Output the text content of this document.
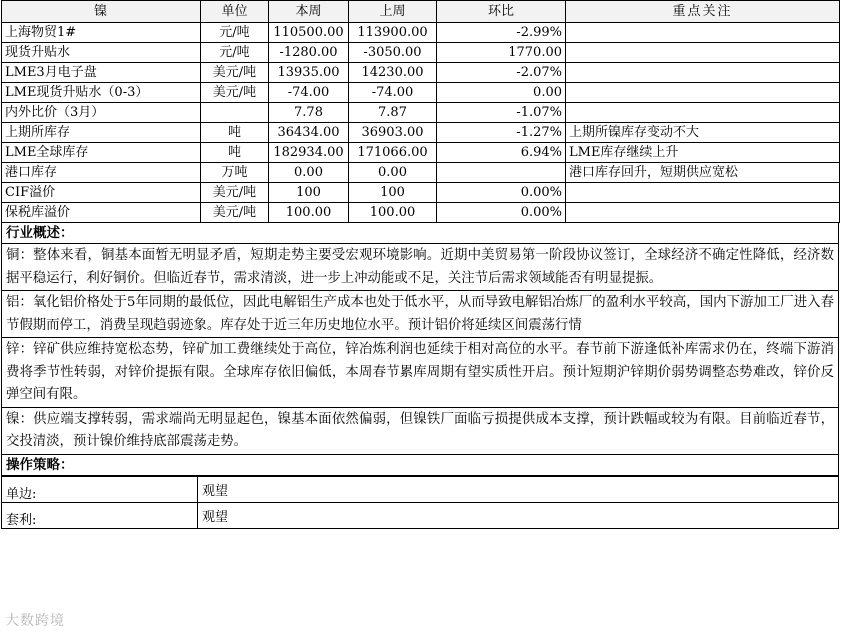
镍	单位	本周	上周	环比	重点关注
上海物贸1#	元/吨	110500.00	113900.00	-2.99%	
现货升贴水	元/吨	-1280.00	-3050.00	1770.00	
LME3月电子盘	美元/吨	13935.00	14230.00	-2.07%	
LME现货升贴水（0-3）	美元/吨	-74.00	-74.00	0.00	
内外比价（3月）		7.78	7.87	-1.07%	
上期所库存	吨	36434.00	36903.00	-1.27%	上期所镍库存变动不大
LME全球库存	吨	182934.00	171066.00	6.94%	LME库存继续上升
港口库存	万吨	0.00	0.00		港口库存回升，短期供应宽松
CIF溢价	美元/吨	100	100	0.00%	
保税库溢价	美元/吨	100.00	100.00	0.00%	
行业概述：
铜：整体来看，铜基本面暂无明显矛盾，短期走势主要受宏观环境影响。近期中美贸易第一阶段协议签订，全球经济不确定性降低，经济数据平稳运行，利好铜价。但临近春节，需求清淡，进一步上冲动能或不足，关注节后需求领域能否有明显提振。
铝：氧化铝价格处于5年同期的最低位，因此电解铝生产成本也处于低水平，从而导致电解铝冶炼厂的盈利水平较高，国内下游加工厂进入春节假期而停工，消费呈现趋弱迹象。库存处于近三年历史地位水平。预计铝价将延续区间震荡行情
锌：锌矿供应维持宽松态势，锌矿加工费继续处于高位，锌冶炼利润也延续于相对高位的水平。春节前下游逢低补库需求仍在，终端下游消费将季节性转弱，对锌价提振有限。全球库存依旧偏低，本周春节累库周期有望实质性开启。预计短期沪锌期价弱势调整态势难改，锌价反弹空间有限。
镍：供应端支撑转弱，需求端尚无明显起色，镍基本面依然偏弱，但镍铁厂面临亏损提供成本支撑，预计跌幅或较为有限。目前临近春节，交投清淡，预计镍价维持底部震荡走势。
操作策略：
单边:	观望
套利:	观望
大数跨境
